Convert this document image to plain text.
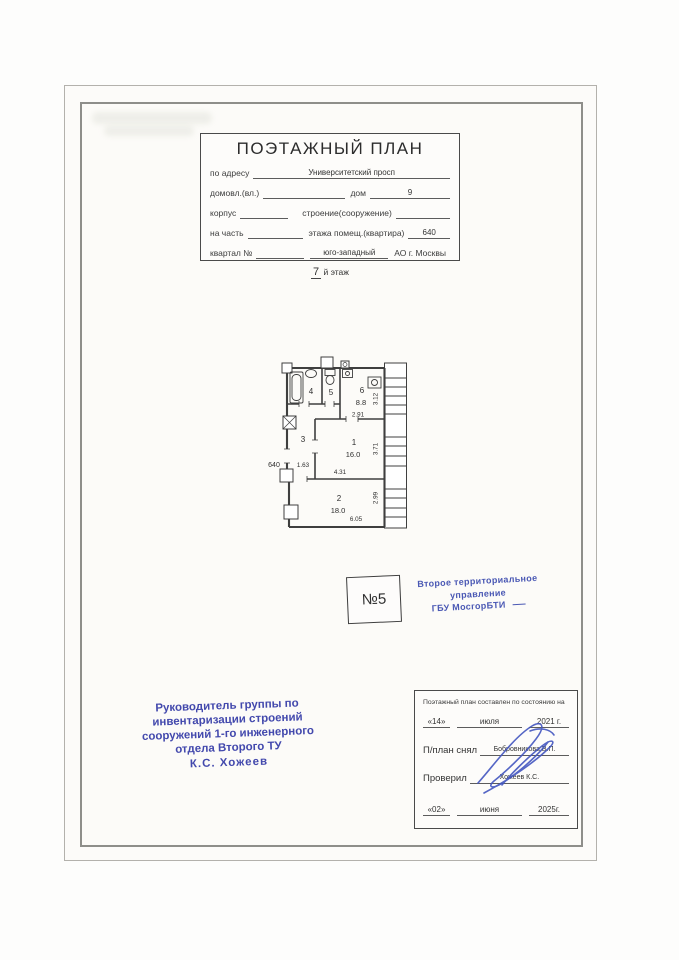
ПОЭТАЖНЫЙ ПЛАН
по адресу	Университетский просп
домовл.(вл.)	дом	9
корпус	строение(сооружение)
на часть	этажа помещ.(квартира)	640
квартал №	юго-западный	АО г. Москвы
7 й этаж
4 5	6
8.8
2.91
3.12
3	1
16.0
4.31
3.71
1.63
640
2
18.0
6.05
2.99
№5
Второе территориальное
управление
ГБУ МосгорБТИ
Руководитель группы по
инвентаризации строений
сооружений 1-го инженерного
отдела Второго ТУ
К.С. Хожеев
Поэтажный план составлен по состоянию на
«14»	июля	2021 г.
П/план снял	Бобровникова В.П.
Проверил	Хожеев К.С.
«02»	июня	2025г.
